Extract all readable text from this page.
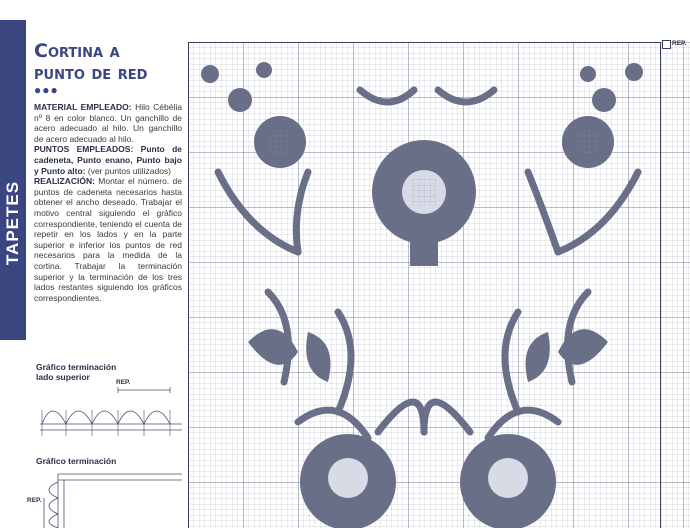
TAPETES
Cortina a
punto de red
●●●
MATERIAL EMPLEADO: Hilo Cébélia nº 8 en color blanco. Un ganchillo de acero adecuado al hilo. Un ganchillo de acero adecuado al hilo.
PUNTOS EMPLEADOS: Punto de cadeneta, Punto enano, Punto bajo y Punto alto: (ver puntos utilizados)
REALIZACIÓN: Montar el número. de puntos de cadeneta necesarios hasta obtener el ancho deseado. Trabajar el motivo central siguiendo el gráfico correspondiente, teniendo el cuenta de repetir en los lados y en la parte superior e inferior los puntos de red necesarios para la medida de la cortina. Trabajar la terminación superior y la terminación de los tres lados restantes siguiendo los gráficos correspondientes.
Gráfico terminación lado superior
REP.
Gráfico terminación
REP.
REP.
